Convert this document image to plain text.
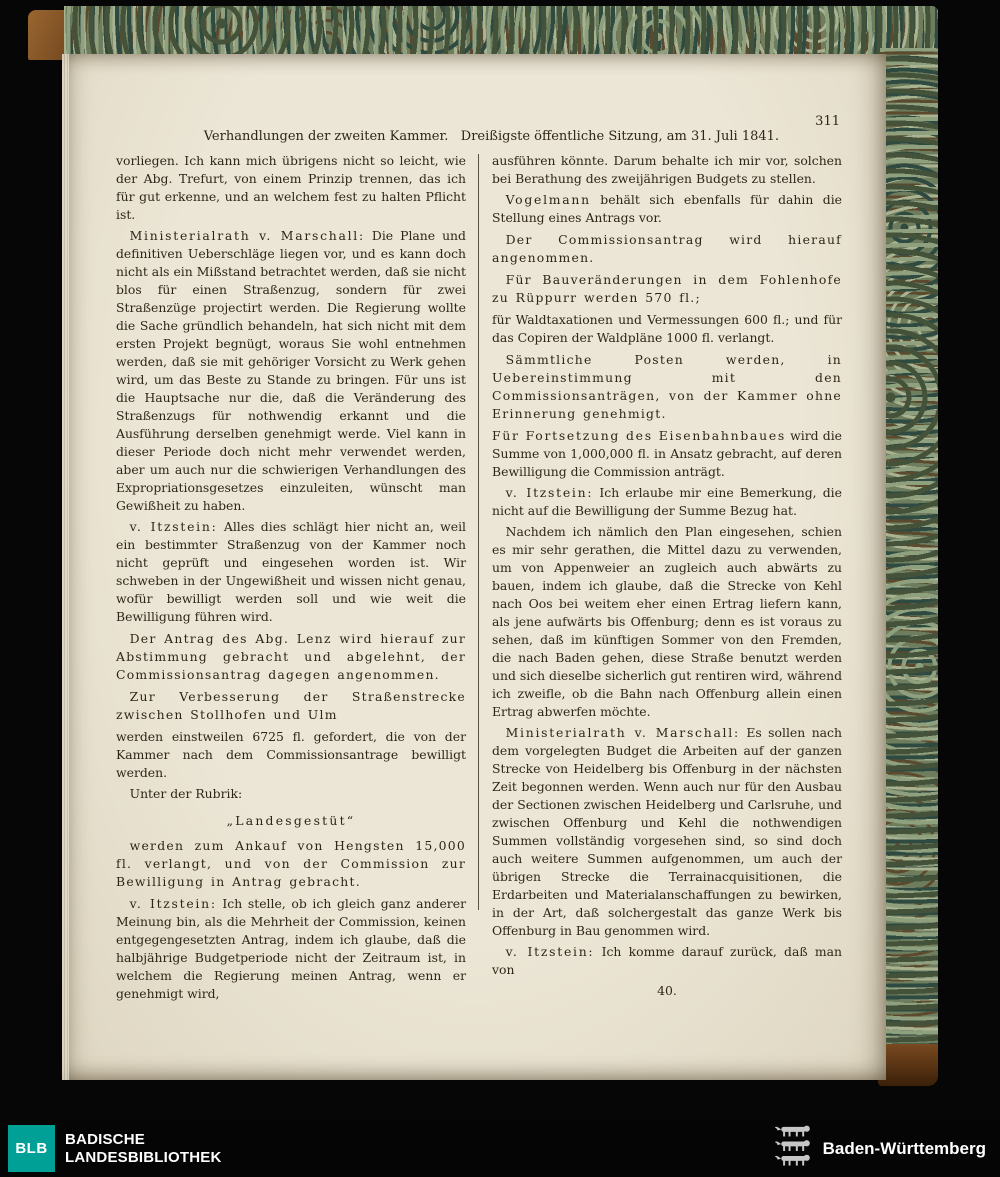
Verhandlungen der zweiten Kammer.   Dreißigste öffentliche Sitzung, am 31. Juli 1841.

311

vorliegen. Ich kann mich übrigens nicht so leicht, wie der Abg. Trefurt, von einem Prinzip trennen, das ich für gut erkenne, und an welchem fest zu halten Pflicht ist.

Ministerialrath v. Marschall: Die Plane und definitiven Ueberschläge liegen vor, und es kann doch nicht als ein Mißstand betrachtet werden, daß sie nicht blos für einen Straßenzug, sondern für zwei Straßenzüge projectirt werden. Die Regierung wollte die Sache gründlich behandeln, hat sich nicht mit dem ersten Projekt begnügt, woraus Sie wohl entnehmen werden, daß sie mit gehöriger Vorsicht zu Werk gehen wird, um das Beste zu Stande zu bringen. Für uns ist die Hauptsache nur die, daß die Veränderung des Straßenzugs für nothwendig erkannt und die Ausführung derselben genehmigt werde. Viel kann in dieser Periode doch nicht mehr verwendet werden, aber um auch nur die schwierigen Verhandlungen des Expropriationsgesetzes einzuleiten, wünscht man Gewißheit zu haben.

v. Itzstein: Alles dies schlägt hier nicht an, weil ein bestimmter Straßenzug von der Kammer noch nicht geprüft und eingesehen worden ist. Wir schweben in der Ungewißheit und wissen nicht genau, wofür bewilligt werden soll und wie weit die Bewilligung führen wird.

Der Antrag des Abg. Lenz wird hierauf zur Abstimmung gebracht und abgelehnt, der Commissionsantrag dagegen angenommen.

Zur Verbesserung der Straßenstrecke zwischen Stollhofen und Ulm

werden einstweilen 6725 fl. gefordert, die von der Kammer nach dem Commissionsantrage bewilligt werden.

Unter der Rubrik:

„Landesgestüt“

werden zum Ankauf von Hengsten 15,000 fl. verlangt, und von der Commission zur Bewilligung in Antrag gebracht.

v. Itzstein: Ich stelle, ob ich gleich ganz anderer Meinung bin, als die Mehrheit der Commission, keinen entgegengesetzten Antrag, indem ich glaube, daß die halbjährige Budgetperiode nicht der Zeitraum ist, in welchem die Regierung meinen Antrag, wenn er genehmigt wird,

ausführen könnte. Darum behalte ich mir vor, solchen bei Berathung des zweijährigen Budgets zu stellen.

Vogelmann behält sich ebenfalls für dahin die Stellung eines Antrags vor.

Der Commissionsantrag wird hierauf angenommen.

Für Bauveränderungen in dem Fohlenhofe zu Rüppurr werden 570 fl.;

für Waldtaxationen und Vermessungen 600 fl.; und für das Copiren der Waldpläne 1000 fl. verlangt.

Sämmtliche Posten werden, in Uebereinstimmung mit den Commissionsanträgen, von der Kammer ohne Erinnerung genehmigt.

Für Fortsetzung des Eisenbahnbaues wird die Summe von 1,000,000 fl. in Ansatz gebracht, auf deren Bewilligung die Commission anträgt.

v. Itzstein: Ich erlaube mir eine Bemerkung, die nicht auf die Bewilligung der Summe Bezug hat.

Nachdem ich nämlich den Plan eingesehen, schien es mir sehr gerathen, die Mittel dazu zu verwenden, um von Appenweier an zugleich auch abwärts zu bauen, indem ich glaube, daß die Strecke von Kehl nach Oos bei weitem eher einen Ertrag liefern kann, als jene aufwärts bis Offenburg; denn es ist voraus zu sehen, daß im künftigen Sommer von den Fremden, die nach Baden gehen, diese Straße benutzt werden und sich dieselbe sicherlich gut rentiren wird, während ich zweifle, ob die Bahn nach Offenburg allein einen Ertrag abwerfen möchte.

Ministerialrath v. Marschall: Es sollen nach dem vorgelegten Budget die Arbeiten auf der ganzen Strecke von Heidelberg bis Offenburg in der nächsten Zeit begonnen werden. Wenn auch nur für den Ausbau der Sectionen zwischen Heidelberg und Carlsruhe, und zwischen Offenburg und Kehl die nothwendigen Summen vollständig vorgesehen sind, so sind doch auch weitere Summen aufgenommen, um auch der übrigen Strecke die Terrainacquisitionen, die Erdarbeiten und Materialanschaffungen zu bewirken, in der Art, daß solchergestalt das ganze Werk bis Offenburg in Bau genommen wird.

v. Itzstein: Ich komme darauf zurück, daß man von

40.

BLB
BADISCHE
LANDESBIBLIOTHEK	Baden-Württemberg
